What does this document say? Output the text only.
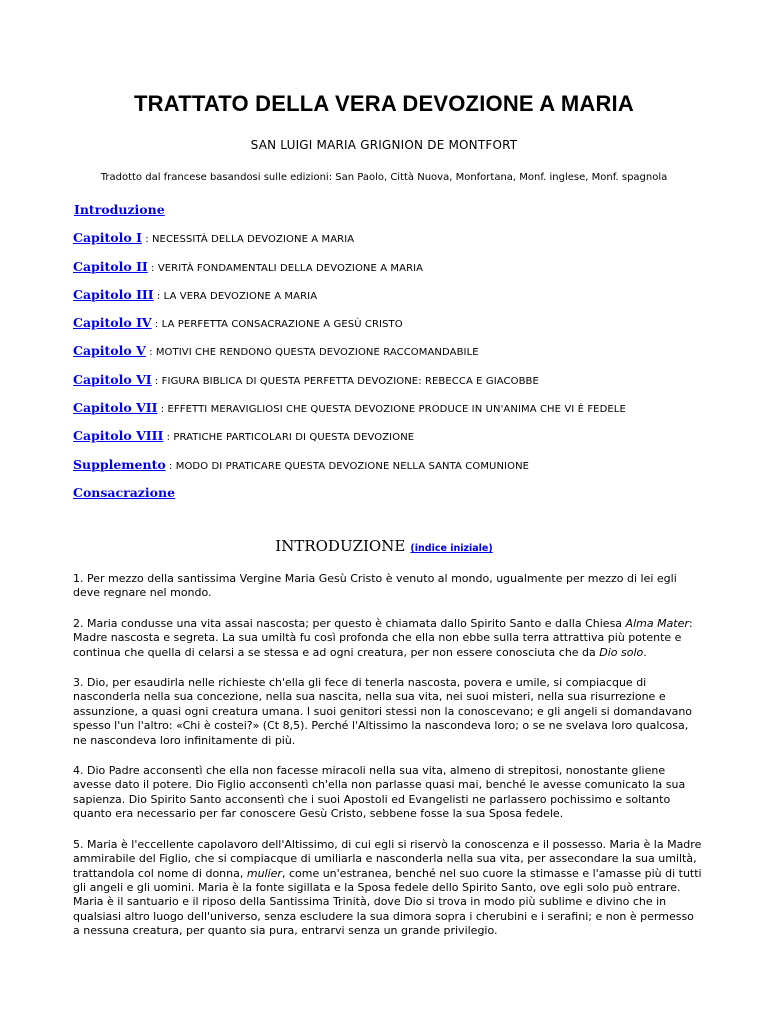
TRATTATO DELLA VERA DEVOZIONE A MARIA
SAN LUIGI MARIA GRIGNION DE MONTFORT
Tradotto dal francese basandosi sulle edizioni: San Paolo, Città Nuova, Monfortana, Monf. inglese, Monf. spagnola
Introduzione
Capitolo I : NECESSITÀ DELLA DEVOZIONE A MARIA
Capitolo II : VERITÀ FONDAMENTALI DELLA DEVOZIONE A MARIA
Capitolo III : LA VERA DEVOZIONE A MARIA
Capitolo IV : LA PERFETTA CONSACRAZIONE A GESÙ CRISTO
Capitolo V : MOTIVI CHE RENDONO QUESTA DEVOZIONE RACCOMANDABILE
Capitolo VI : FIGURA BIBLICA DI QUESTA PERFETTA DEVOZIONE: REBECCA E GIACOBBE
Capitolo VII : EFFETTI MERAVIGLIOSI CHE QUESTA DEVOZIONE PRODUCE IN UN'ANIMA CHE VI È FEDELE
Capitolo VIII : PRATICHE PARTICOLARI DI QUESTA DEVOZIONE
Supplemento : MODO DI PRATICARE QUESTA DEVOZIONE NELLA SANTA COMUNIONE
Consacrazione
INTRODUZIONE (indice iniziale)

1. Per mezzo della santissima Vergine Maria Gesù Cristo è venuto al mondo, ugualmente per mezzo di lei egli deve regnare nel mondo.

2. Maria condusse una vita assai nascosta; per questo è chiamata dallo Spirito Santo e dalla Chiesa Alma Mater: Madre nascosta e segreta. La sua umiltà fu così profonda che ella non ebbe sulla terra attrattiva più potente e continua che quella di celarsi a se stessa e ad ogni creatura, per non essere conosciuta che da Dio solo.

3. Dio, per esaudirla nelle richieste ch'ella gli fece di tenerla nascosta, povera e umile, si compiacque di nasconderla nella sua concezione, nella sua nascita, nella sua vita, nei suoi misteri, nella sua risurrezione e assunzione, a quasi ogni creatura umana. I suoi genitori stessi non la conoscevano; e gli angeli si domandavano spesso l'un l'altro: «Chi è costei?» (Ct 8,5). Perché l'Altissimo la nascondeva loro; o se ne svelava loro qualcosa, ne nascondeva loro infinitamente di più.

4. Dio Padre acconsentì che ella non facesse miracoli nella sua vita, almeno di strepitosi, nonostante gliene avesse dato il potere. Dio Figlio acconsentì ch'ella non parlasse quasi mai, benché le avesse comunicato la sua sapienza. Dio Spirito Santo acconsentì che i suoi Apostoli ed Evangelisti ne parlassero pochissimo e soltanto quanto era necessario per far conoscere Gesù Cristo, sebbene fosse la sua Sposa fedele.

5. Maria è l'eccellente capolavoro dell'Altissimo, di cui egli si riservò la conoscenza e il possesso. Maria è la Madre ammirabile del Figlio, che si compiacque di umiliarla e nasconderla nella sua vita, per assecondare la sua umiltà, trattandola col nome di donna, mulier, come un'estranea, benché nel suo cuore la stimasse e l'amasse più di tutti gli angeli e gli uomini. Maria è la fonte sigillata e la Sposa fedele dello Spirito Santo, ove egli solo può entrare. Maria è il santuario e il riposo della Santissima Trinità, dove Dio si trova in modo più sublime e divino che in qualsiasi altro luogo dell'universo, senza escludere la sua dimora sopra i cherubini e i serafini; e non è permesso a nessuna creatura, per quanto sia pura, entrarvi senza un grande privilegio.
